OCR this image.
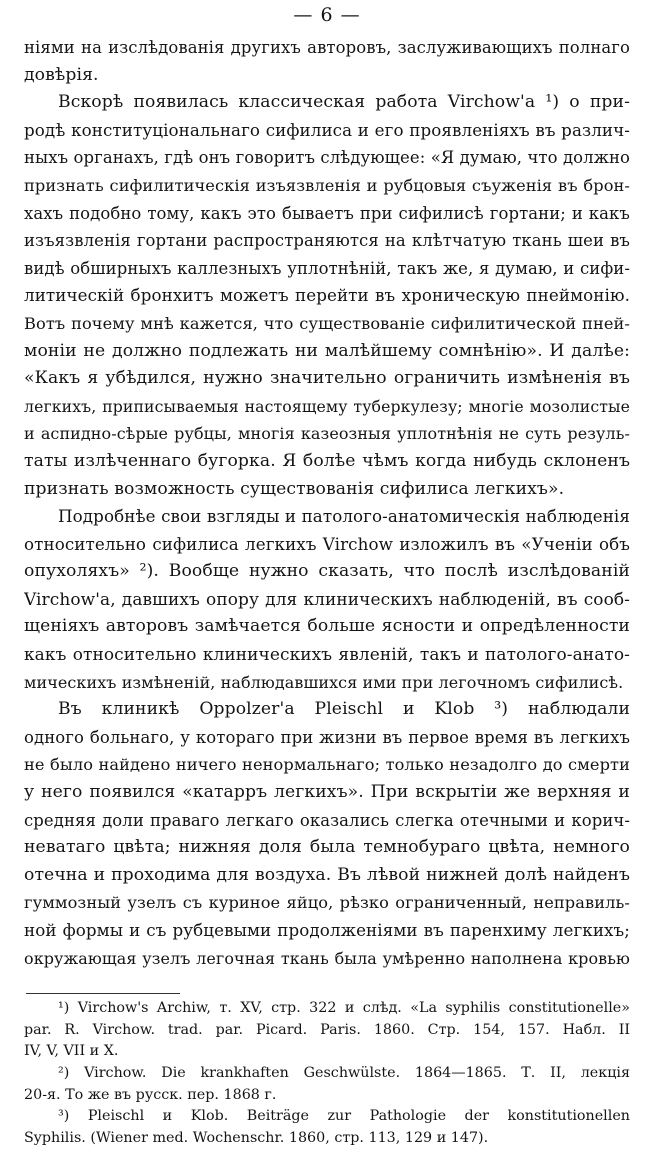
— 6 —
ніями на изслѣдованія другихъ авторовъ, заслуживающихъ полнаго
довѣрія.
Вскорѣ появилась классическая работа Virchow'a ¹) о при-
родѣ конституціональнаго сифилиса и его проявленіяхъ въ различ-
ныхъ органахъ, гдѣ онъ говоритъ слѣдующее: «Я думаю, что должно
признать сифилитическія изъязвленія и рубцовыя съуженія въ брон-
хахъ подобно тому, какъ это бываетъ при сифилисѣ гортани; и какъ
изъязвленія гортани распространяются на клѣтчатую ткань шеи въ
видѣ обширныхъ каллезныхъ уплотнѣній, такъ же, я думаю, и сифи-
литическій бронхитъ можетъ перейти въ хроническую пнеймонію.
Вотъ почему мнѣ кажется, что существованіе сифилитической пней-
моніи не должно подлежать ни малѣйшему сомнѣнію». И далѣе:
«Какъ я убѣдился, нужно значительно ограничить измѣненія въ
легкихъ, приписываемыя настоящему туберкулезу; многіе мозолистые
и аспидно-сѣрые рубцы, многія казеозныя уплотнѣнія не суть резуль-
таты излѣченнаго бугорка. Я болѣе чѣмъ когда нибудь склоненъ
признать возможность существованія сифилиса легкихъ».
Подробнѣе свои взгляды и патолого-анатомическія наблюденія
относительно сифилиса легкихъ Virchow изложилъ въ «Ученіи объ
опухоляхъ» ²). Вообще нужно сказать, что послѣ изслѣдованій
Virchow'a, давшихъ опору для клиническихъ наблюденій, въ сооб-
щеніяхъ авторовъ замѣчается больше ясности и опредѣленности
какъ относительно клиническихъ явленій, такъ и патолого-анато-
мическихъ измѣненій, наблюдавшихся ими при легочномъ сифилисѣ.
Въ клиникѣ Oppolzer'a Pleischl и Klob ³) наблюдали
одного больнаго, у котораго при жизни въ первое время въ легкихъ
не было найдено ничего ненормальнаго; только незадолго до смерти
у него появился «катарръ легкихъ». При вскрытіи же верхняя и
средняя доли праваго легкаго оказались слегка отечными и корич-
неватаго цвѣта; нижняя доля была темнобураго цвѣта, немного
отечна и проходима для воздуха. Въ лѣвой нижней долѣ найденъ
гуммозный узелъ съ куриное яйцо, рѣзко ограниченный, неправиль-
ной формы и съ рубцевыми продолженіями въ паренхиму легкихъ;
окружающая узелъ легочная ткань была умѣренно наполнена кровью
¹) Virchow's Archiw, т. XV, стр. 322 и слѣд. «La syphilis constitutionelle»
par. R. Virchow. trad. par. Picard. Paris. 1860. Стр. 154, 157. Набл. II
IV, V, VII и X.
²) Virchow. Die krankhaften Geschwülste. 1864—1865. Т. II, лекція
20-я. То же въ русск. пер. 1868 г.
³) Pleischl и Klob. Beiträge zur Pathologie der konstitutionellen
Syphilis. (Wiener med. Wochenschr. 1860, стр. 113, 129 и 147).
